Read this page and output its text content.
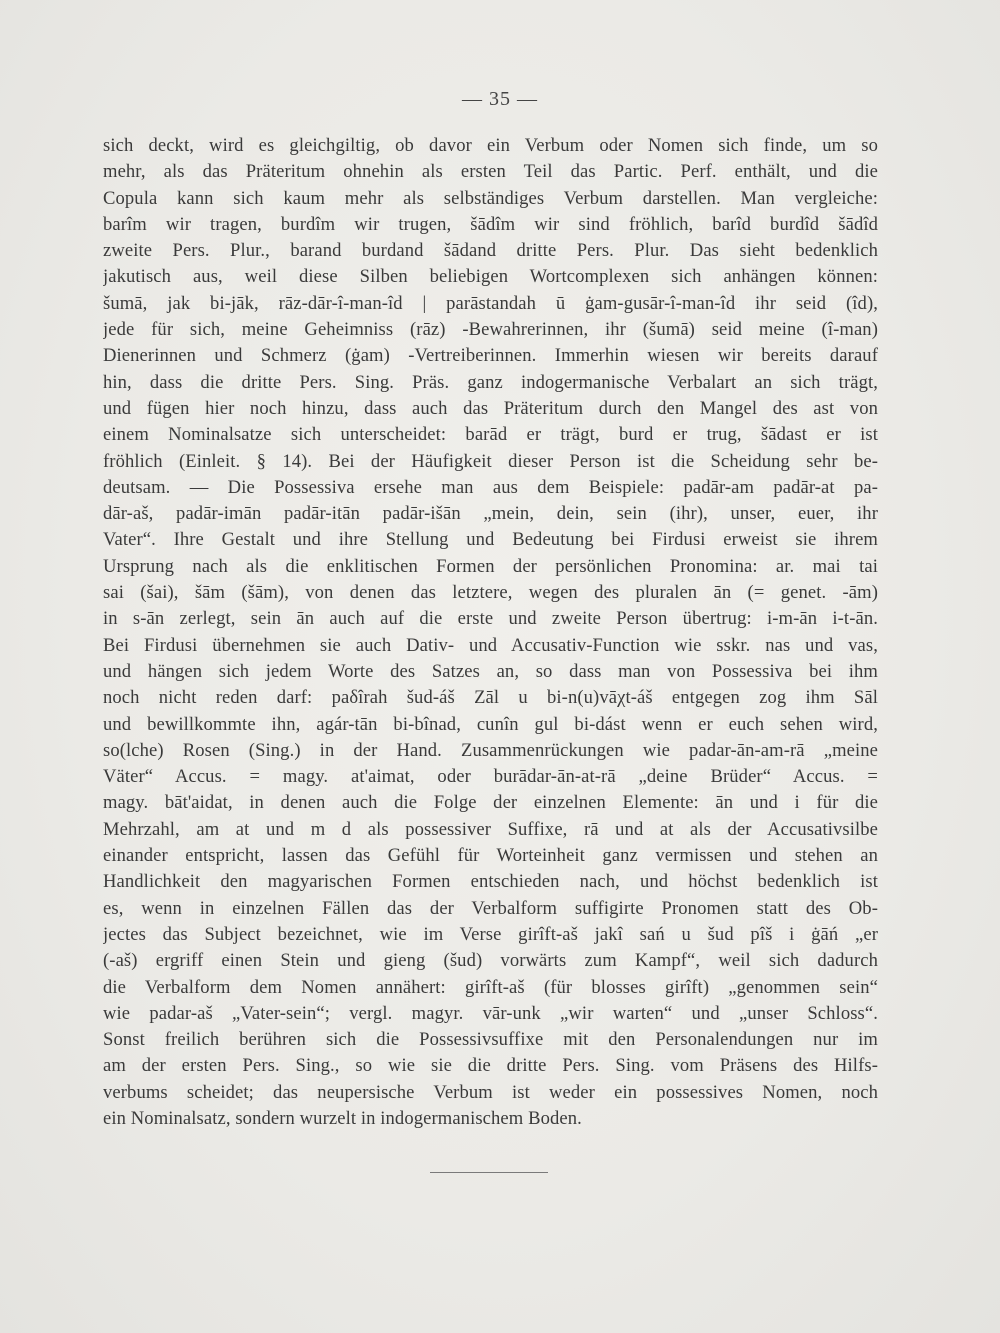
— 35 —
sich deckt, wird es gleichgiltig, ob davor ein Verbum oder Nomen sich finde, um so
mehr, als das Präteritum ohnehin als ersten Teil das Partic. Perf. enthält, und die
Copula kann sich kaum mehr als selbständiges Verbum darstellen. Man vergleiche:
barîm wir tragen, burdîm wir trugen, šādîm wir sind fröhlich, barîd burdîd šādîd
zweite Pers. Plur., barand burdand šādand dritte Pers. Plur. Das sieht bedenklich
jakutisch aus, weil diese Silben beliebigen Wortcomplexen sich anhängen können:
šumā, jak bi-jāk, rāz-dār-î-man-îd | parāstandah ū ġam-gusār-î-man-îd ihr seid (îd),
jede für sich, meine Geheimniss (rāz) -Bewahrerinnen, ihr (šumā) seid meine (î-man)
Dienerinnen und Schmerz (ġam) -Vertreiberinnen. Immerhin wiesen wir bereits darauf
hin, dass die dritte Pers. Sing. Präs. ganz indogermanische Verbalart an sich trägt,
und fügen hier noch hinzu, dass auch das Präteritum durch den Mangel des ast von
einem Nominalsatze sich unterscheidet: barād er trägt, burd er trug, šādast er ist
fröhlich (Einleit. § 14). Bei der Häufigkeit dieser Person ist die Scheidung sehr be-
deutsam. — Die Possessiva ersehe man aus dem Beispiele: padār-am padār-at pa-
dār-aš, padār-imān padār-itān padār-išān „mein, dein, sein (ihr), unser, euer, ihr
Vater“. Ihre Gestalt und ihre Stellung und Bedeutung bei Firdusi erweist sie ihrem
Ursprung nach als die enklitischen Formen der persönlichen Pronomina: ar. mai tai
sai (šai), šām (šām), von denen das letztere, wegen des pluralen ān (= genet. -ām)
in s-ān zerlegt, sein ān auch auf die erste und zweite Person übertrug: i-m-ān i-t-ān.
Bei Firdusi übernehmen sie auch Dativ- und Accusativ-Function wie sskr. nas und vas,
und hängen sich jedem Worte des Satzes an, so dass man von Possessiva bei ihm
noch nicht reden darf: paδîrah šud-áš Zāl u bi-n(u)vāχt-áš entgegen zog ihm Sāl
und bewillkommte ihn, agár-tān bi-bînad, cunîn gul bi-dást wenn er euch sehen wird,
so(lche) Rosen (Sing.) in der Hand. Zusammenrückungen wie padar-ān-am-rā „meine
Väter“ Accus. = magy. at'aimat, oder burādar-ān-at-rā „deine Brüder“ Accus. =
magy. bāt'aidat, in denen auch die Folge der einzelnen Elemente: ān und i für die
Mehrzahl, am at und m d als possessiver Suffixe, rā und at als der Accusativsilbe
einander entspricht, lassen das Gefühl für Worteinheit ganz vermissen und stehen an
Handlichkeit den magyarischen Formen entschieden nach, und höchst bedenklich ist
es, wenn in einzelnen Fällen das der Verbalform suffigirte Pronomen statt des Ob-
jectes das Subject bezeichnet, wie im Verse girîft-aš jakî sań u šud pîš i ġāń „er
(-aš) ergriff einen Stein und gieng (šud) vorwärts zum Kampf“, weil sich dadurch
die Verbalform dem Nomen annähert: girîft-aš (für blosses girîft) „genommen sein“
wie padar-aš „Vater-sein“; vergl. magyr. vār-unk „wir warten“ und „unser Schloss“.
Sonst freilich berühren sich die Possessivsuffixe mit den Personalendungen nur im
am der ersten Pers. Sing., so wie sie die dritte Pers. Sing. vom Präsens des Hilfs-
verbums scheidet; das neupersische Verbum ist weder ein possessives Nomen, noch
ein Nominalsatz, sondern wurzelt in indogermanischem Boden.
